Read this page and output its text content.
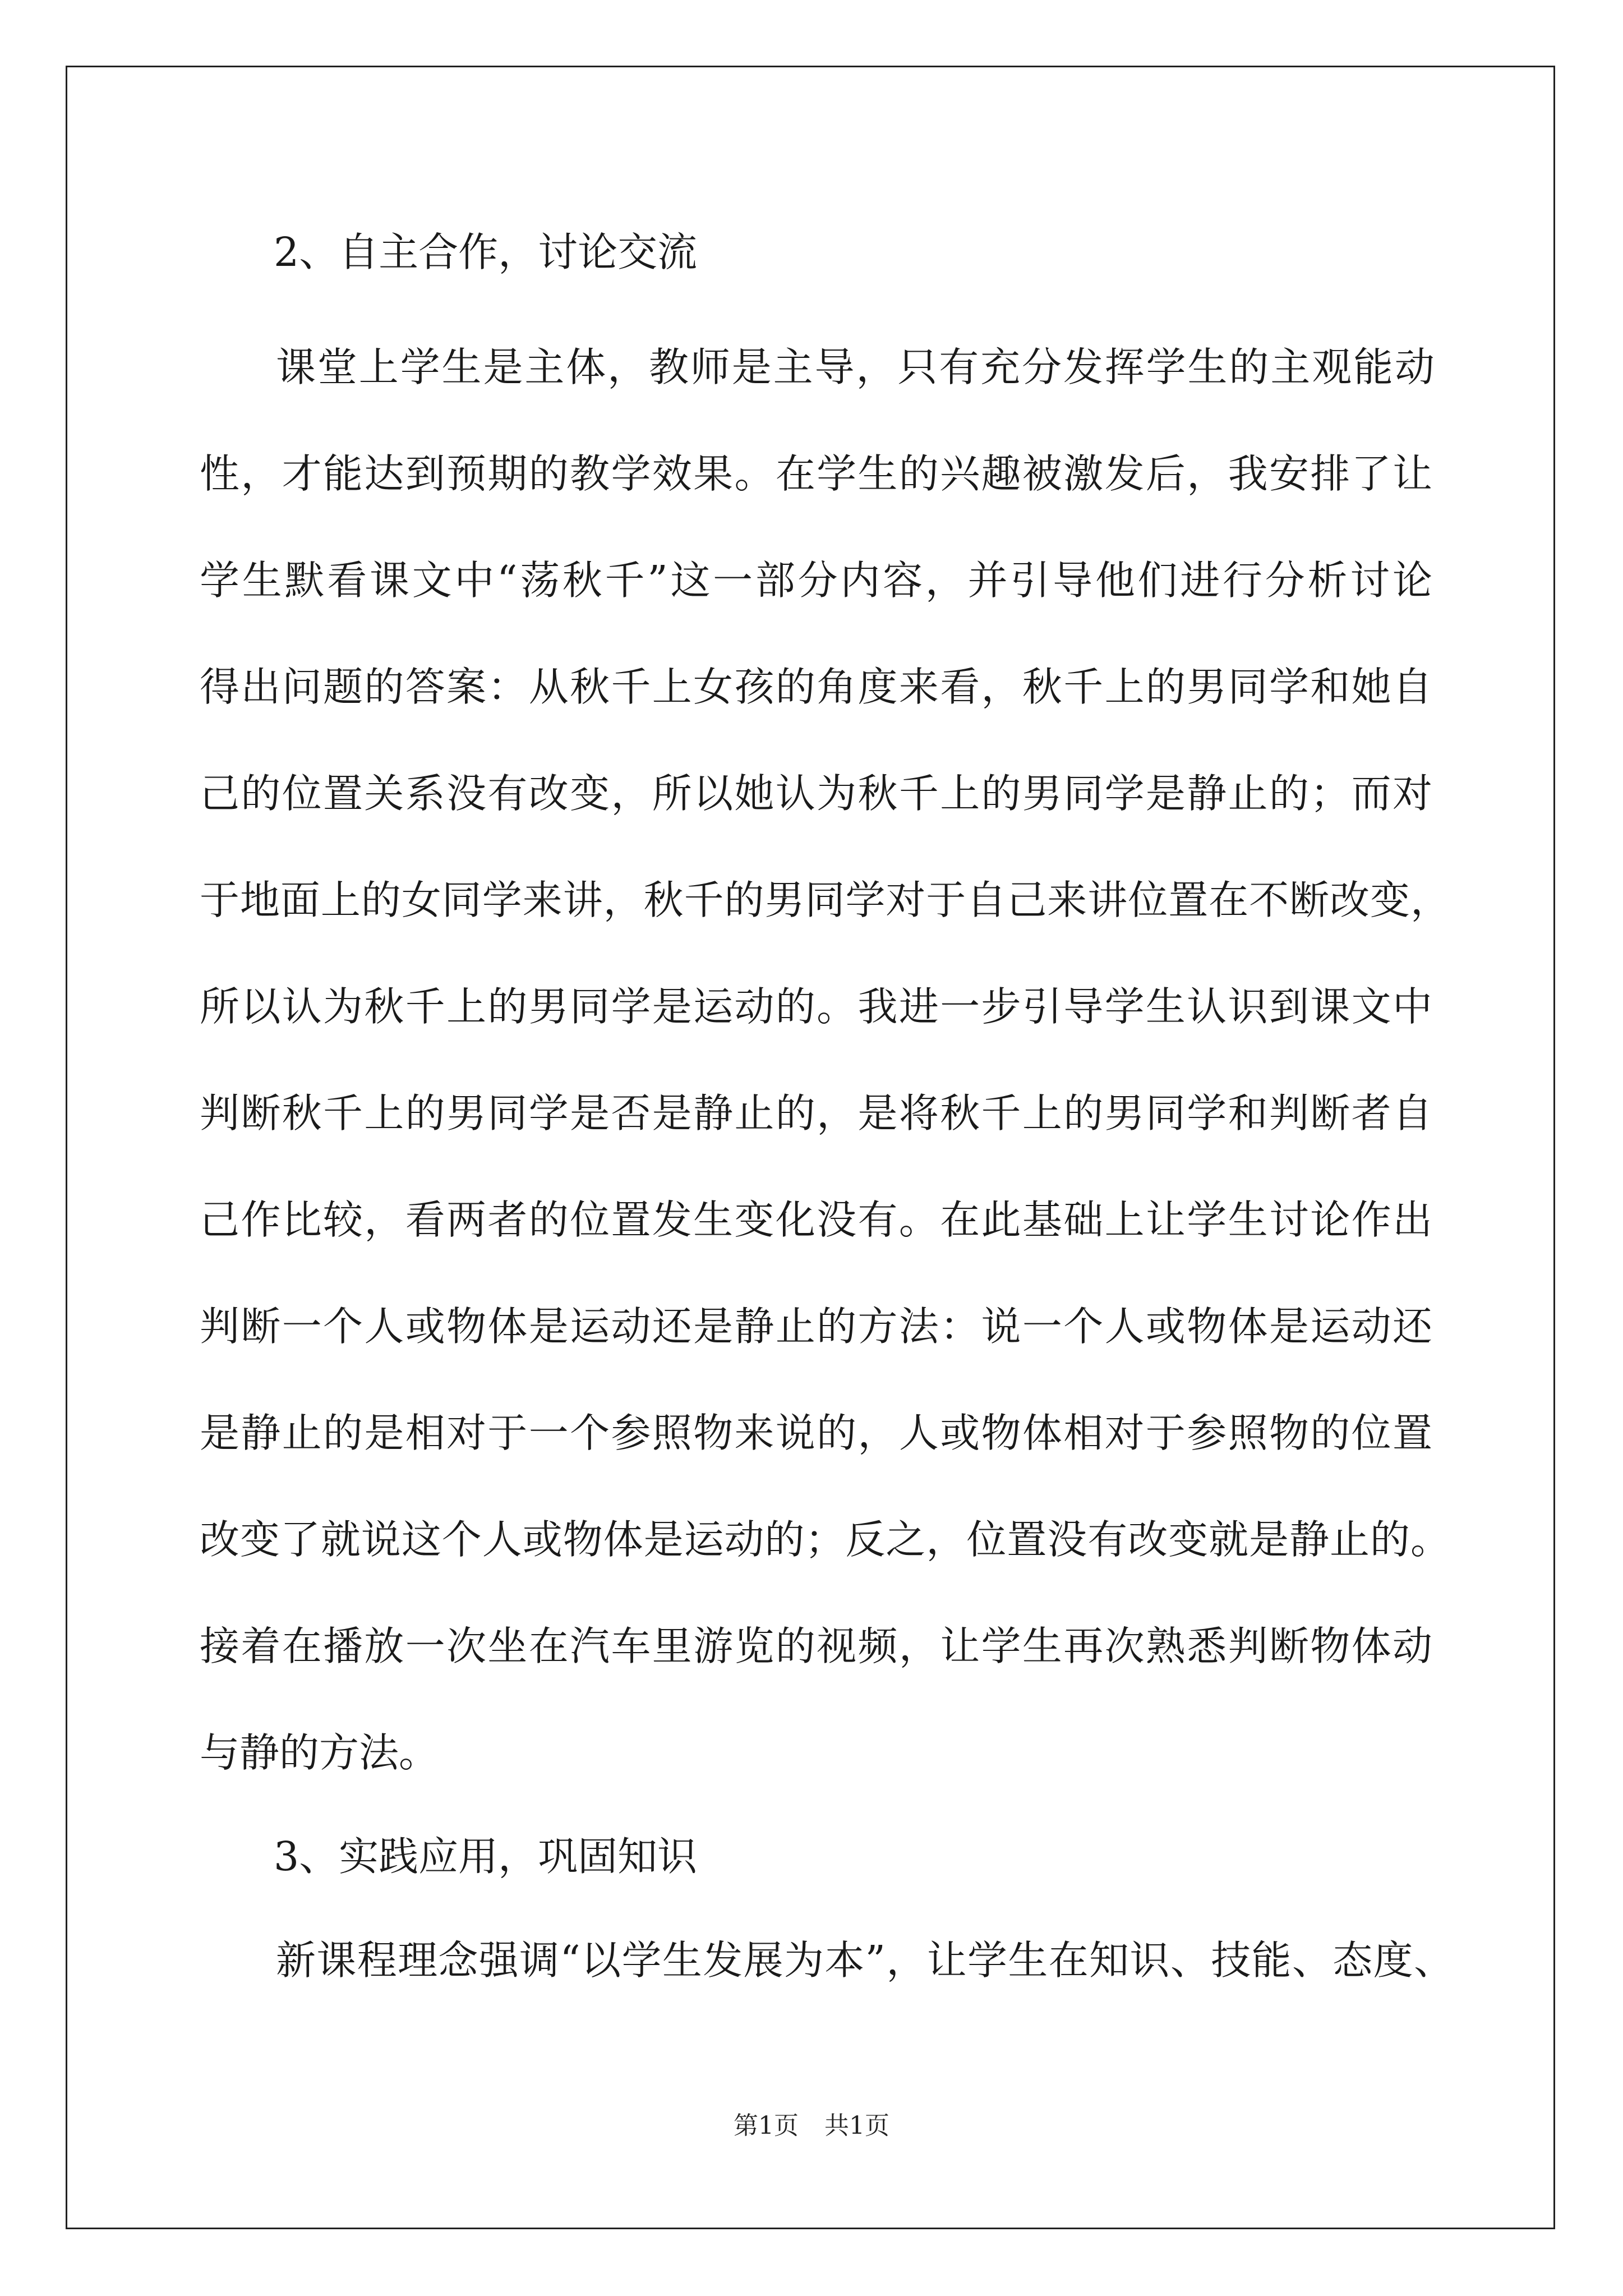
2、自主合作，讨论交流
课堂上学生是主体，教师是主导，只有充分发挥学生的主观能动
性，才能达到预期的教学效果。在学生的兴趣被激发后，我安排了让
学生默看课文中“荡秋千”这一部分内容，并引导他们进行分析讨论
得出问题的答案：从秋千上女孩的角度来看，秋千上的男同学和她自
己的位置关系没有改变，所以她认为秋千上的男同学是静止的；而对
于地面上的女同学来讲，秋千的男同学对于自己来讲位置在不断改变，
所以认为秋千上的男同学是运动的。我进一步引导学生认识到课文中
判断秋千上的男同学是否是静止的，是将秋千上的男同学和判断者自
己作比较，看两者的位置发生变化没有。在此基础上让学生讨论作出
判断一个人或物体是运动还是静止的方法：说一个人或物体是运动还
是静止的是相对于一个参照物来说的，人或物体相对于参照物的位置
改变了就说这个人或物体是运动的；反之，位置没有改变就是静止的。
接着在播放一次坐在汽车里游览的视频，让学生再次熟悉判断物体动
与静的方法。
3、实践应用，巩固知识
新课程理念强调“以学生发展为本”，让学生在知识、技能、态度、
第1页 共1页
